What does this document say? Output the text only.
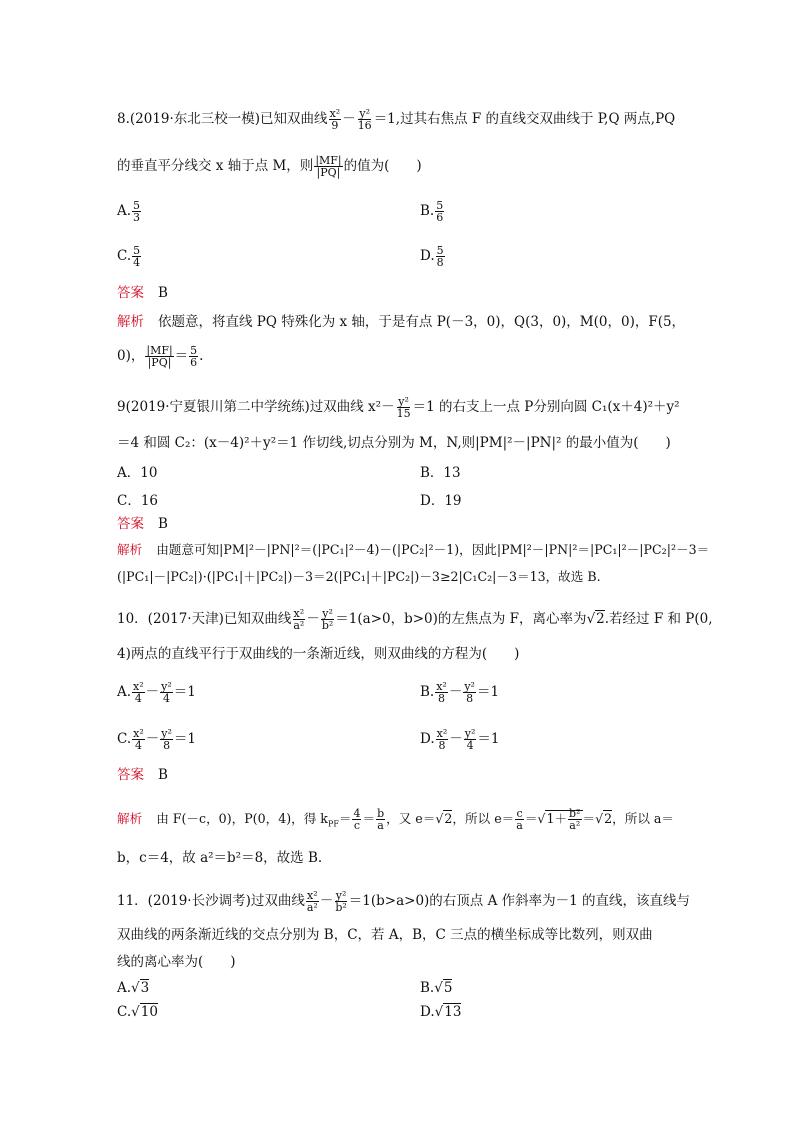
8.(2019·东北三校一模)已知双曲线 $\frac{\text{x²}}{9} - \frac{\text{y²}}{16} =1$,过其右焦点 F 的直线交双曲线于 P,Q 两点,PQ
的垂直平分线交 x 轴于点 M，则 $\frac{|MF|}{|PQ|}$ 的值为(　　)
A. $\frac{5}{3}$	B. $\frac{5}{6}$
C. $\frac{5}{4}$	D. $\frac{5}{8}$
答案 B
解析 依题意，将直线 PQ 特殊化为 x 轴，于是有点 P(－3，0)，Q(3，0)，M(0，0)，F(5，
0)， $\frac{|MF|}{|PQ|} = \frac{5}{6}$ .
9(2019·宁夏银川第二中学统练)过双曲线 $x^2- \frac{\text{y²}}{15} =1$ 的右支上一点 P分别向圆 C₁(x＋4)²＋y²
＝4 和圆 C₂：(x－4)²＋y²＝1 作切线,切点分别为 M，N,则|PM|²－|PN|² 的最小值为(　　)
A．10	B．13
C．16	D．19
答案 B
解析 由题意可知|PM|²－|PN|²＝(|PC₁|²－4)－(|PC₂|²－1)，因此|PM|²－|PN|²＝|PC₁|²－|PC₂|²－3＝
(|PC₁|－|PC₂|)·(|PC₁|＋|PC₂|)－3＝2(|PC₁|＋|PC₂|)－3≥2|C₁C₂|－3＝13，故选 B.
10．(2017·天津)已知双曲线 $\frac{\text{x²}}{\text{a²}} - \frac{\text{y²}}{\text{b²}} =1(a>0$，b>0)的左焦点为 F，离心率为√2.若经过 F 和 P(0,
4)两点的直线平行于双曲线的一条渐近线，则双曲线的方程为(　　)
A. $\frac{\text{x²}}{4} - \frac{\text{y²}}{4} =1$	B. $\frac{\text{x²}}{8} - \frac{\text{y²}}{8} =1$
C. $\frac{\text{x²}}{4} - \frac{\text{y²}}{8} =1$	D. $\frac{\text{x²}}{8} - \frac{\text{y²}}{4} =1$
答案 B
解析 由 F(－c，0)，P(0，4)，得 $k_{PF}= \frac{4}{c} = \frac{b}{a}$ ，又 e＝√2，所以 $e= \frac{c}{a} =√1+ \frac{\text{b²}}{\text{a²}} =√2$，所以 a＝
b，c＝4，故 a²＝b²＝8，故选 B.
11．(2019·长沙调考)过双曲线 $\frac{\text{x²}}{\text{a²}} - \frac{\text{y²}}{\text{b²}} =1(b>a>0)$的右顶点 A 作斜率为－1 的直线，该直线与
双曲线的两条渐近线的交点分别为 B，C，若 A，B，C 三点的横坐标成等比数列，则双曲
线的离心率为(　　)
A.√3	B.√5
C.√10	D.√13
